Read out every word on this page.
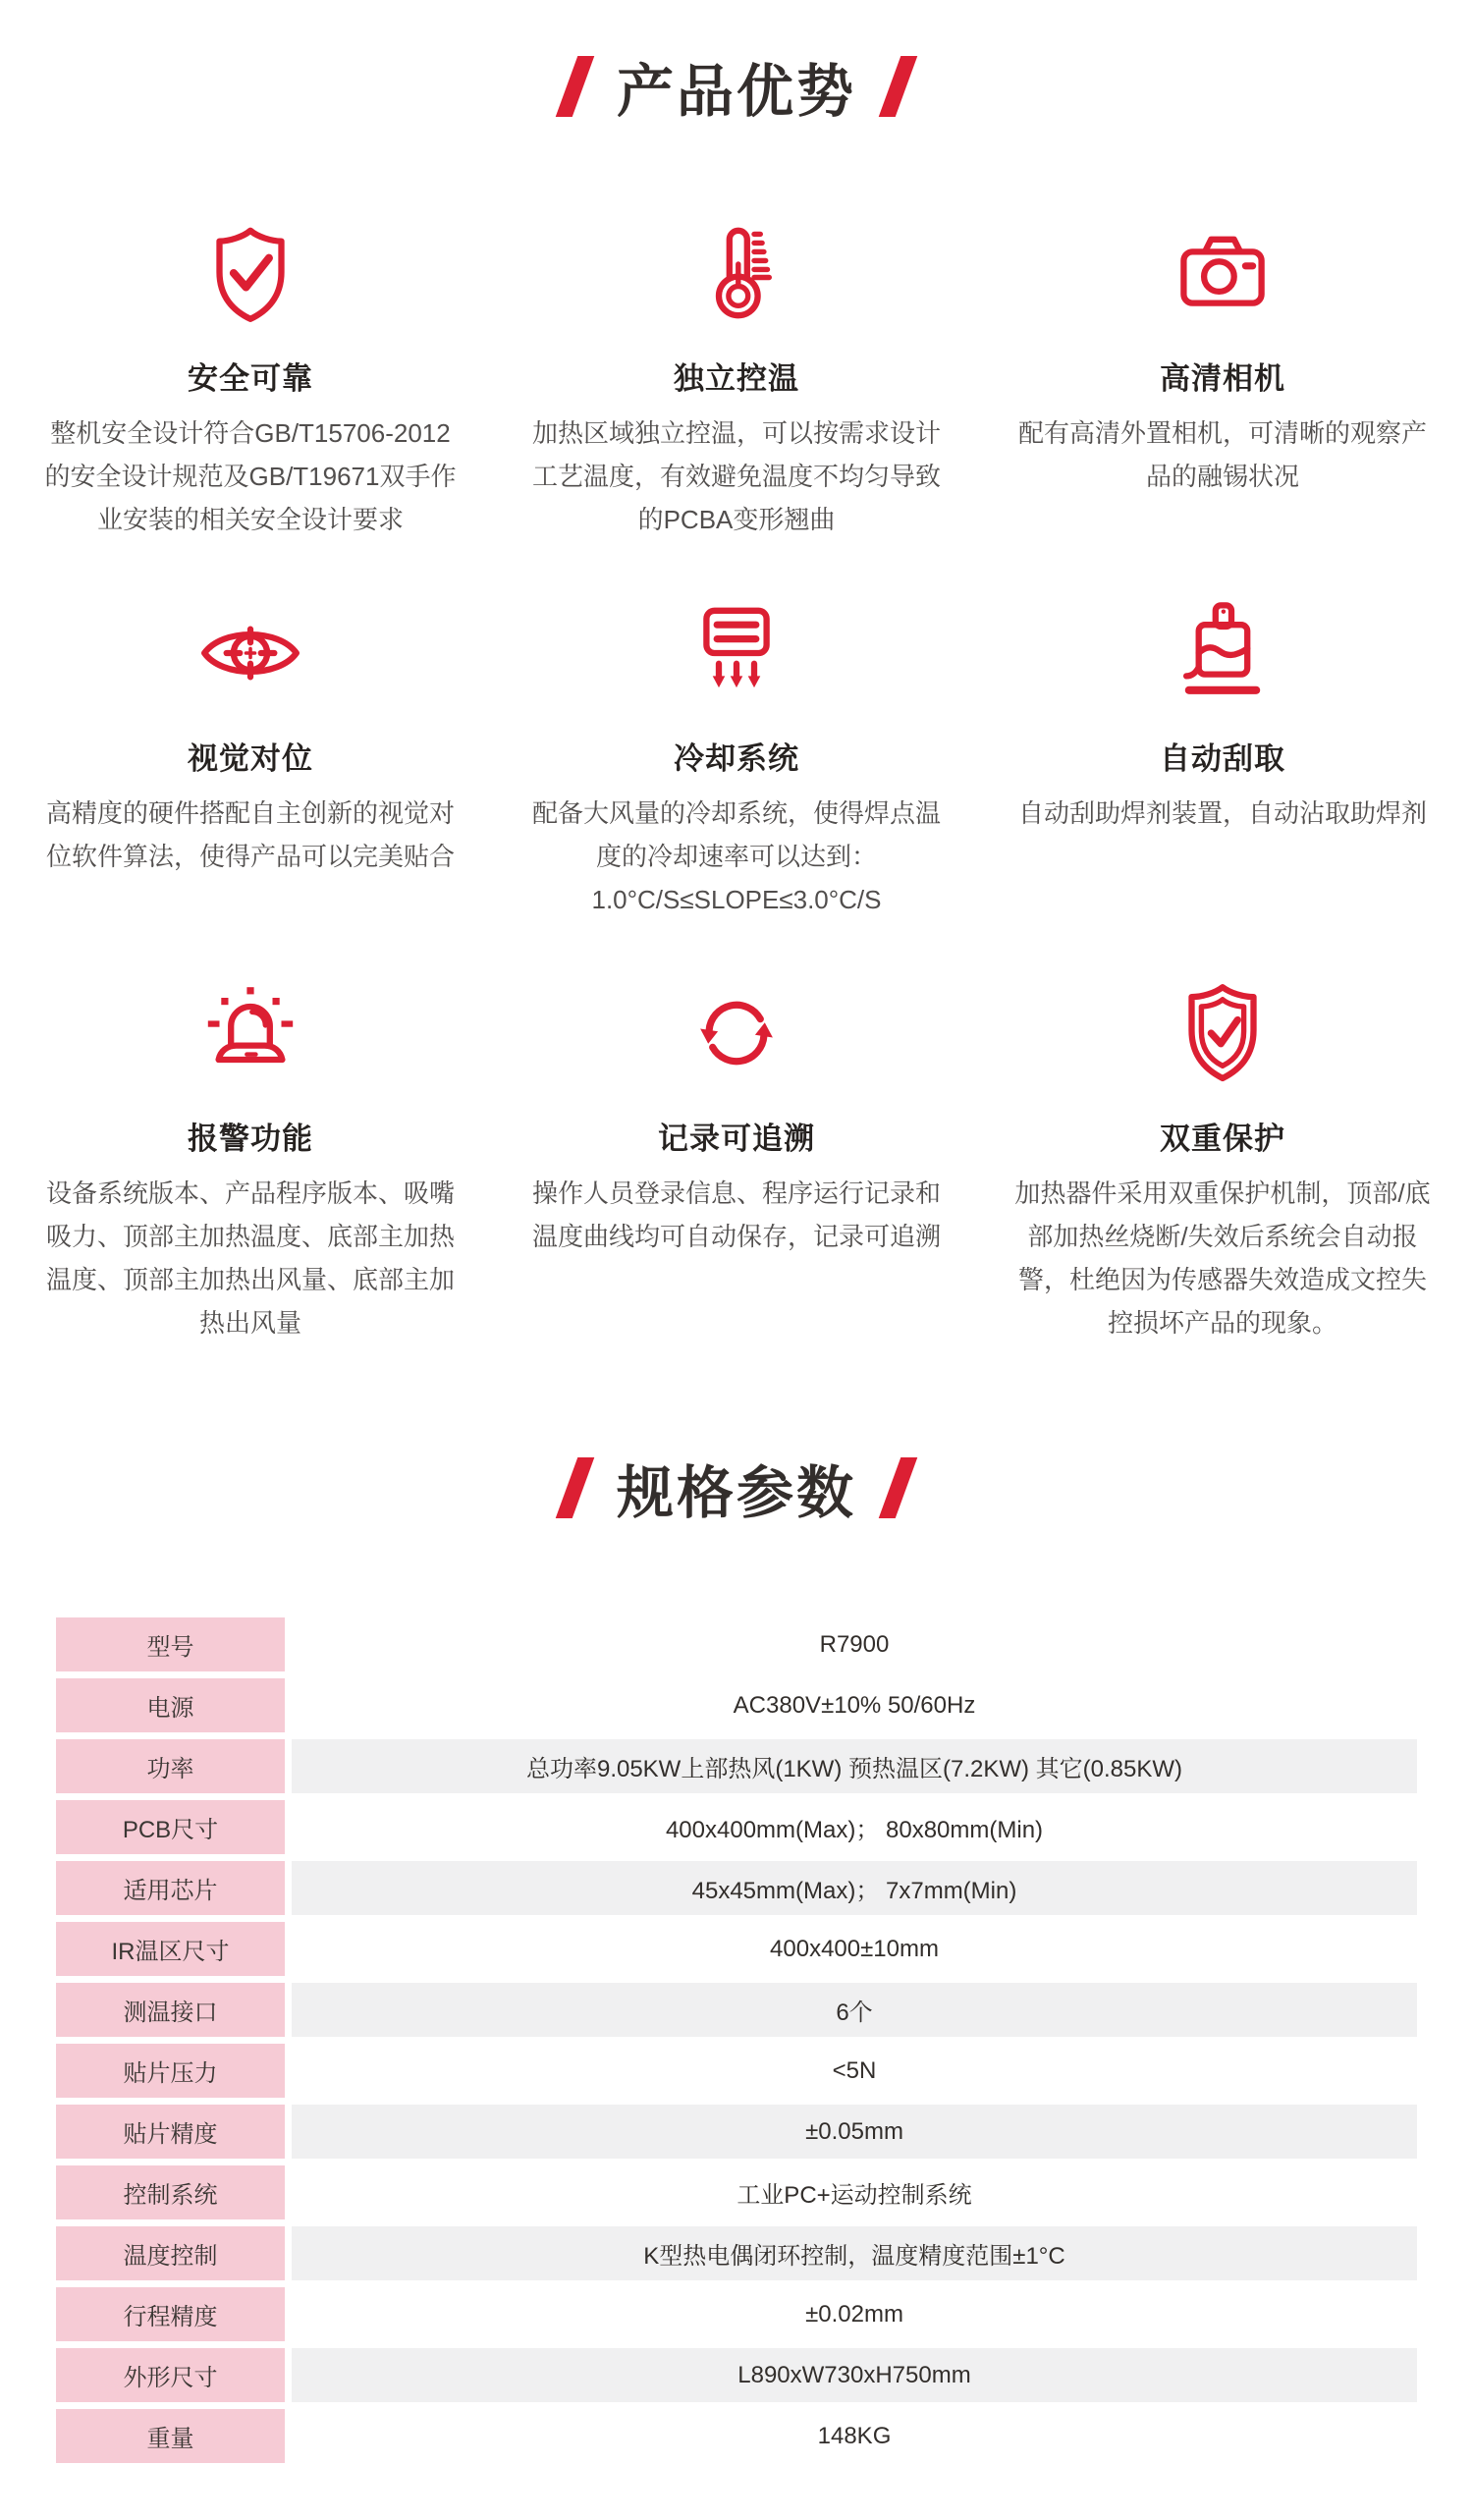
产品优势
安全可靠
整机安全设计符合GB/T15706-2012的安全设计规范及GB/T19671双手作业安装的相关安全设计要求
独立控温
加热区域独立控温，可以按需求设计工艺温度，有效避免温度不均匀导致的PCBA变形翘曲
高清相机
配有高清外置相机，可清晰的观察产品的融锡状况
视觉对位
高精度的硬件搭配自主创新的视觉对位软件算法，使得产品可以完美贴合
冷却系统
配备大风量的冷却系统，使得焊点温度的冷却速率可以达到：1.0°C/S≤SLOPE≤3.0°C/S
自动刮取
自动刮助焊剂装置，自动沾取助焊剂
报警功能
设备系统版本、产品程序版本、吸嘴吸力、顶部主加热温度、底部主加热温度、顶部主加热出风量、底部主加热出风量
记录可追溯
操作人员登录信息、程序运行记录和温度曲线均可自动保存，记录可追溯
双重保护
加热器件采用双重保护机制，顶部/底部加热丝烧断/失效后系统会自动报警，杜绝因为传感器失效造成文控失控损坏产品的现象。
规格参数
型号	R7900
电源	AC380V±10% 50/60Hz
功率	总功率9.05KW上部热风(1KW) 预热温区(7.2KW) 其它(0.85KW)
PCB尺寸	400x400mm(Max)； 80x80mm(Min)
适用芯片	45x45mm(Max)； 7x7mm(Min)
IR温区尺寸	400x400±10mm
测温接口	6个
贴片压力	<5N
贴片精度	±0.05mm
控制系统	工业PC+运动控制系统
温度控制	K型热电偶闭环控制，温度精度范围±1°C
行程精度	±0.02mm
外形尺寸	L890xW730xH750mm
重量	148KG
